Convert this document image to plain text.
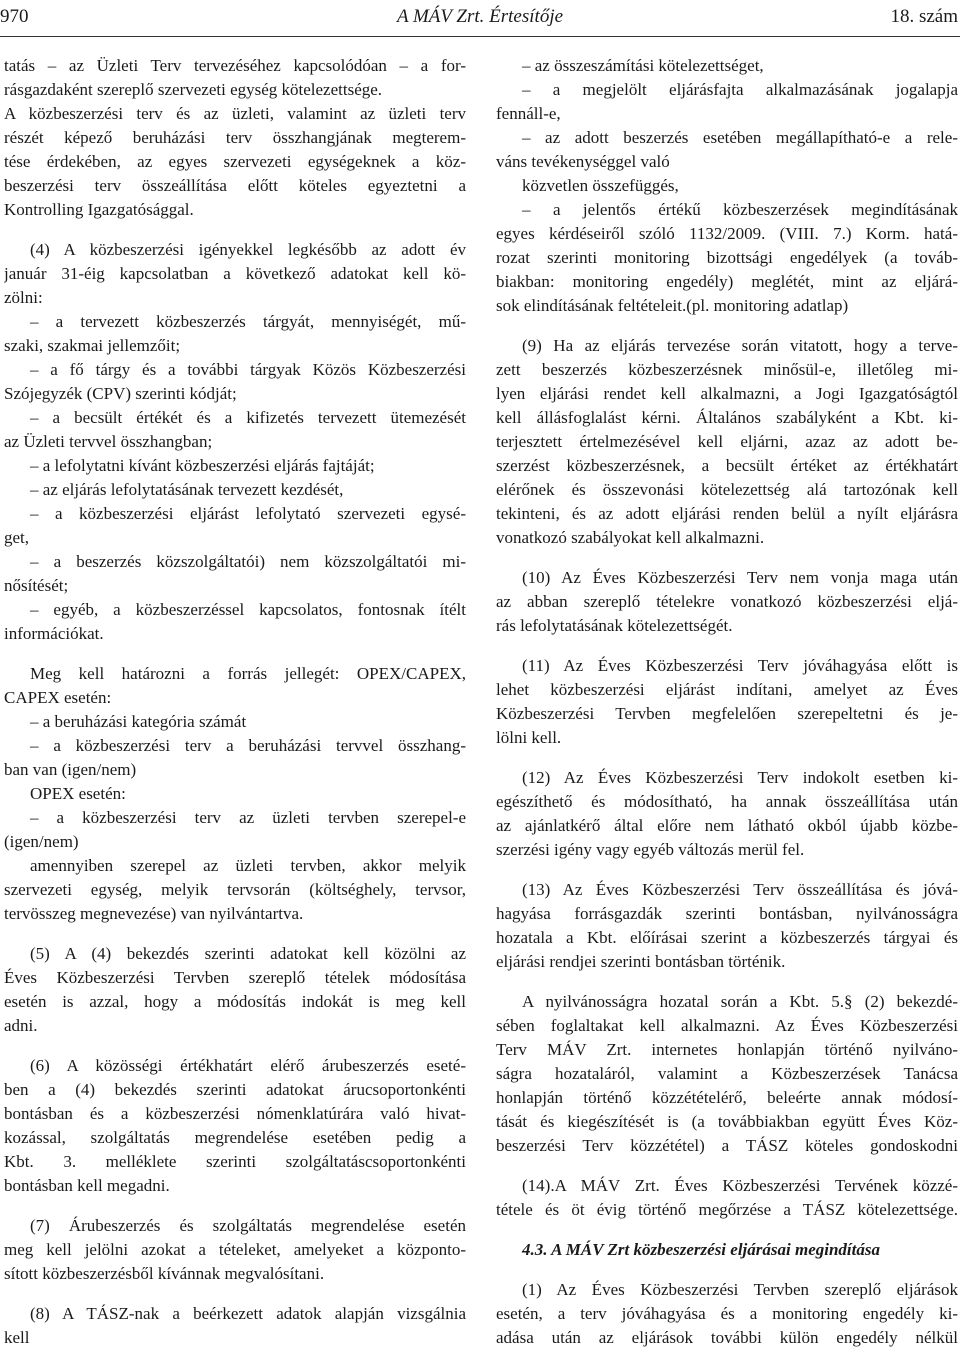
970	A MÁV Zrt. Értesítője	18. szám
tatás – az Üzleti Terv tervezéséhez kapcsolódóan – a for-
rásgazdaként szereplő szervezeti egység kötelezettsége.
A közbeszerzési terv és az üzleti, valamint az üzleti terv
részét képező beruházási terv összhangjának megterem-
tése érdekében, az egyes szervezeti egységeknek a köz-
beszerzési terv összeállítása előtt köteles egyeztetni a
Kontrolling Igazgatósággal.
(4) A közbeszerzési igényekkel legkésőbb az adott év
január 31-éig kapcsolatban a következő adatokat kell kö-
zölni:
– a tervezett közbeszerzés tárgyát, mennyiségét, mű-
szaki, szakmai jellemzőit;
– a fő tárgy és a további tárgyak Közös Közbeszerzési
Szójegyzék (CPV) szerinti kódját;
– a becsült értékét és a kifizetés tervezett ütemezését
az Üzleti tervvel összhangban;
– a lefolytatni kívánt közbeszerzési eljárás fajtáját;
– az eljárás lefolytatásának tervezett kezdését,
– a közbeszerzési eljárást lefolytató szervezeti egysé-
get,
– a beszerzés közszolgáltatói) nem közszolgáltatói mi-
nősítését;
– egyéb, a közbeszerzéssel kapcsolatos, fontosnak ítélt
információkat.
Meg kell határozni a forrás jellegét: OPEX/CAPEX,
CAPEX esetén:
– a beruházási kategória számát
– a közbeszerzési terv a beruházási tervvel összhang-
ban van (igen/nem)
OPEX esetén:
– a közbeszerzési terv az üzleti tervben szerepel-e
(igen/nem)
amennyiben szerepel az üzleti tervben, akkor melyik
szervezeti egység, melyik tervsorán (költséghely, tervsor,
tervösszeg megnevezése) van nyilvántartva.
(5) A (4) bekezdés szerinti adatokat kell közölni az
Éves Közbeszerzési Tervben szereplő tételek módosítása
esetén is azzal, hogy a módosítás indokát is meg kell
adni.
(6) A közösségi értékhatárt elérő árubeszerzés eseté-
ben a (4) bekezdés szerinti adatokat árucsoportonkénti
bontásban és a közbeszerzési nómenklatúrára való hivat-
kozással, szolgáltatás megrendelése esetében pedig a
Kbt. 3. melléklete szerinti szolgáltatáscsoportonkénti
bontásban kell megadni.
(7) Árubeszerzés és szolgáltatás megrendelése esetén
meg kell jelölni azokat a tételeket, amelyeket a központo-
sított közbeszerzésből kívánnak megvalósítani.
(8) A TÁSZ-nak a beérkezett adatok alapján vizsgálnia
kell
– az összeszámítási kötelezettséget,
– a megjelölt eljárásfajta alkalmazásának jogalapja
fennáll-e,
– az adott beszerzés esetében megállapítható-e a rele-
váns tevékenységgel való
közvetlen összefüggés,
– a jelentős értékű közbeszerzések megindításának
egyes kérdéseiről szóló 1132/2009. (VIII. 7.) Korm. hatá-
rozat szerinti monitoring bizottsági engedélyek (a továb-
biakban: monitoring engedély) meglétét, mint az eljárá-
sok elindításának feltételeit.(pl. monitoring adatlap)
(9) Ha az eljárás tervezése során vitatott, hogy a terve-
zett beszerzés közbeszerzésnek minősül-e, illetőleg mi-
lyen eljárási rendet kell alkalmazni, a Jogi Igazgatóságtól
kell állásfoglalást kérni. Általános szabályként a Kbt. ki-
terjesztett értelmezésével kell eljárni, azaz az adott be-
szerzést közbeszerzésnek, a becsült értéket az értékhatárt
elérőnek és összevonási kötelezettség alá tartozónak kell
tekinteni, és az adott eljárási renden belül a nyílt eljárásra
vonatkozó szabályokat kell alkalmazni.
(10) Az Éves Közbeszerzési Terv nem vonja maga után
az abban szereplő tételekre vonatkozó közbeszerzési eljá-
rás lefolytatásának kötelezettségét.
(11) Az Éves Közbeszerzési Terv jóváhagyása előtt is
lehet közbeszerzési eljárást indítani, amelyet az Éves
Közbeszerzési Tervben megfelelően szerepeltetni és je-
lölni kell.
(12) Az Éves Közbeszerzési Terv indokolt esetben ki-
egészíthető és módosítható, ha annak összeállítása után
az ajánlatkérő által előre nem látható okból újabb közbe-
szerzési igény vagy egyéb változás merül fel.
(13) Az Éves Közbeszerzési Terv összeállítása és jóvá-
hagyása forrásgazdák szerinti bontásban, nyilvánosságra
hozatala a Kbt. előírásai szerint a közbeszerzés tárgyai és
eljárási rendjei szerinti bontásban történik.
A nyilvánosságra hozatal során a Kbt. 5.§ (2) bekezdé-
sében foglaltakat kell alkalmazni. Az Éves Közbeszerzési
Terv MÁV Zrt. internetes honlapján történő nyilváno-
ságra hozataláról, valamint a Közbeszerzések Tanácsa
honlapján történő közzétételérő, beleérte annak módosí-
tását és kiegészítését is (a továbbiakban együtt Éves Köz-
beszerzési Terv közzététel) a TÁSZ köteles gondoskodni
(14).A MÁV Zrt. Éves Közbeszerzési Tervének közzé-
tétele és öt évig történő megőrzése a TÁSZ kötelezettsége.
4.3. A MÁV Zrt közbeszerzési eljárásai megindítása
(1) Az Éves Közbeszerzési Tervben szereplő eljárások
esetén, a terv jóváhagyása és a monitoring engedély ki-
adása után az eljárások további külön engedély nélkül
